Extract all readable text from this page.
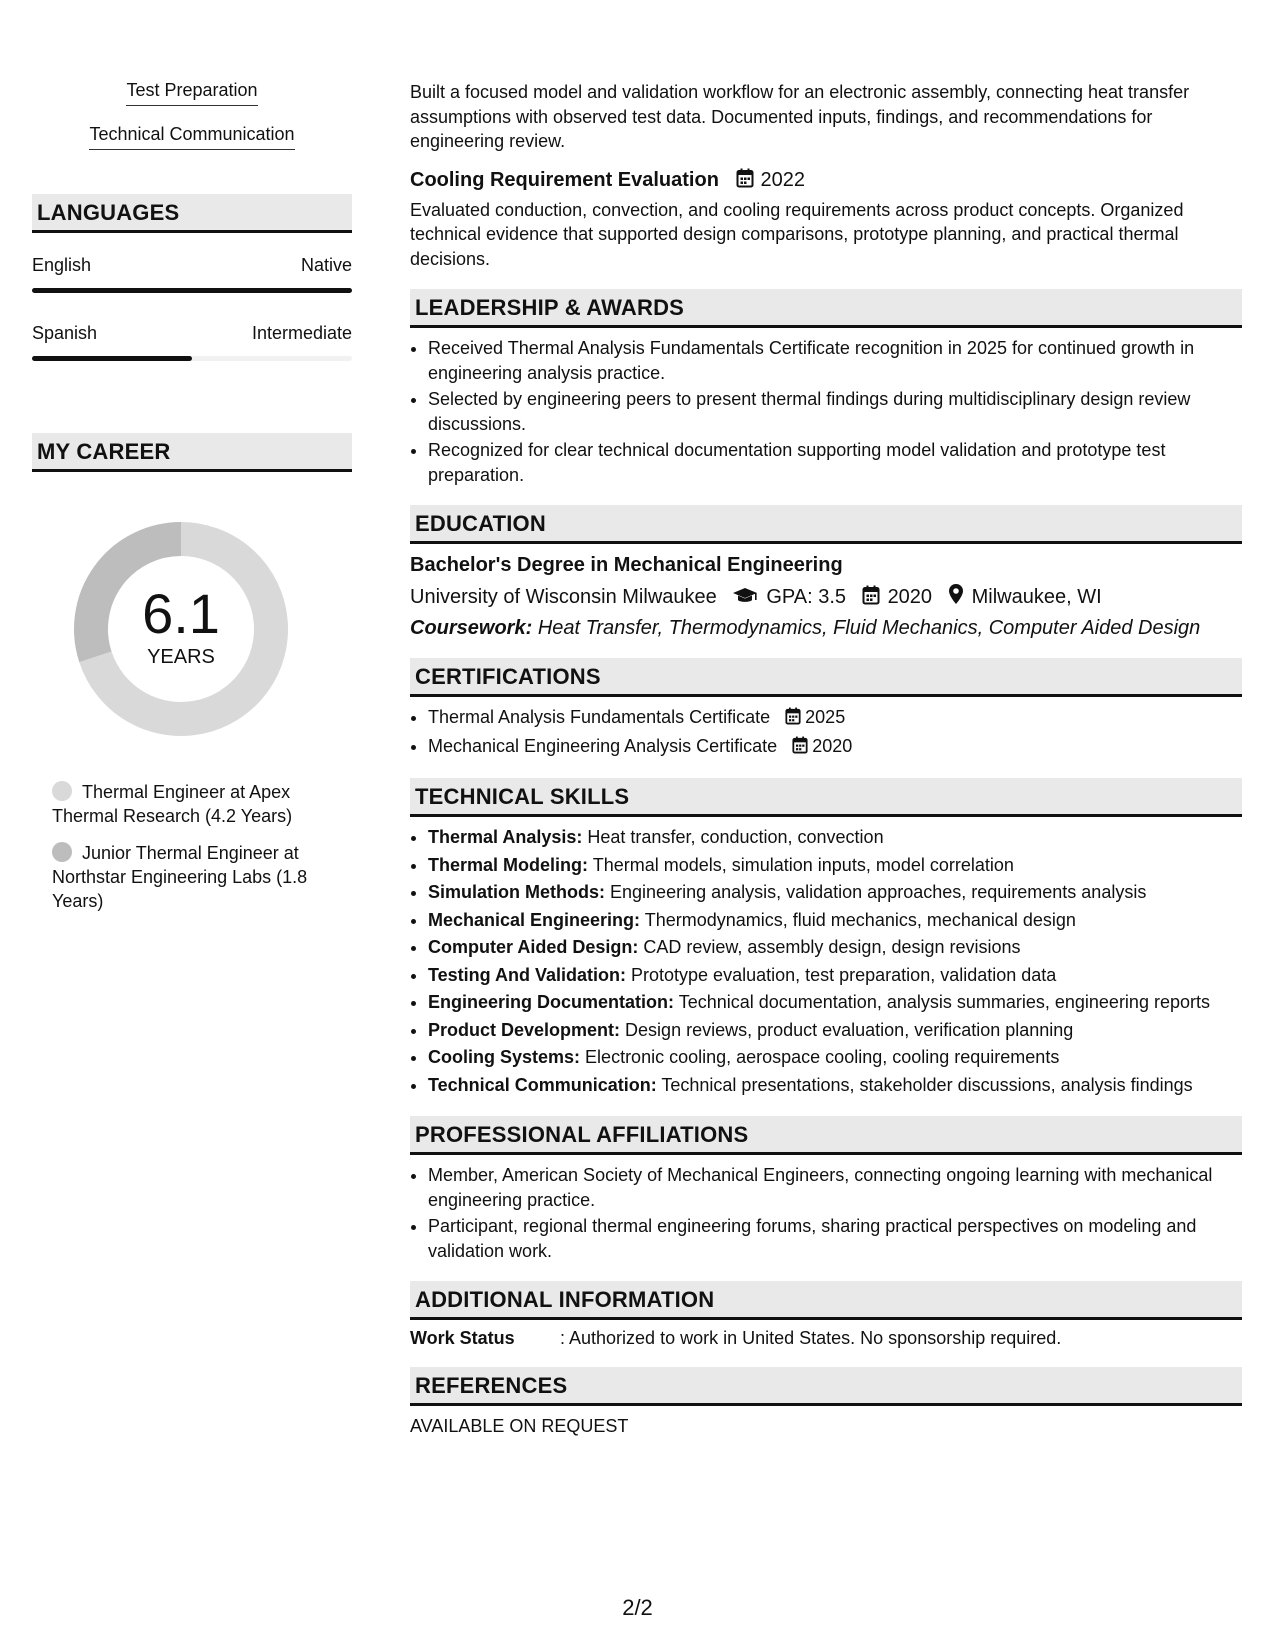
Test Preparation
Technical Communication
LANGUAGES
English	Native
Spanish	Intermediate
MY CAREER
6.1
YEARS
Thermal Engineer at Apex Thermal Research (4.2 Years)
Junior Thermal Engineer at Northstar Engineering Labs (1.8 Years)

Built a focused model and validation workflow for an electronic assembly, connecting heat transfer assumptions with observed test data. Documented inputs, findings, and recommendations for engineering review.

Cooling Requirement Evaluation 2022

Evaluated conduction, convection, and cooling requirements across product concepts. Organized technical evidence that supported design comparisons, prototype planning, and practical thermal decisions.

LEADERSHIP & AWARDS
• Received Thermal Analysis Fundamentals Certificate recognition in 2025 for continued growth in engineering analysis practice.
• Selected by engineering peers to present thermal findings during multidisciplinary design review discussions.
• Recognized for clear technical documentation supporting model validation and prototype test preparation.
EDUCATION
Bachelor's Degree in Mechanical Engineering
University of Wisconsin Milwaukee GPA: 3.5 2020 Milwaukee, WI
Coursework: Heat Transfer, Thermodynamics, Fluid Mechanics, Computer Aided Design
CERTIFICATIONS
• Thermal Analysis Fundamentals Certificate 2025
• Mechanical Engineering Analysis Certificate 2020
TECHNICAL SKILLS
• Thermal Analysis: Heat transfer, conduction, convection
• Thermal Modeling: Thermal models, simulation inputs, model correlation
• Simulation Methods: Engineering analysis, validation approaches, requirements analysis
• Mechanical Engineering: Thermodynamics, fluid mechanics, mechanical design
• Computer Aided Design: CAD review, assembly design, design revisions
• Testing And Validation: Prototype evaluation, test preparation, validation data
• Engineering Documentation: Technical documentation, analysis summaries, engineering reports
• Product Development: Design reviews, product evaluation, verification planning
• Cooling Systems: Electronic cooling, aerospace cooling, cooling requirements
• Technical Communication: Technical presentations, stakeholder discussions, analysis findings
PROFESSIONAL AFFILIATIONS
• Member, American Society of Mechanical Engineers, connecting ongoing learning with mechanical engineering practice.
• Participant, regional thermal engineering forums, sharing practical perspectives on modeling and validation work.
ADDITIONAL INFORMATION
Work Status	: Authorized to work in United States. No sponsorship required.
REFERENCES
AVAILABLE ON REQUEST
2/2
